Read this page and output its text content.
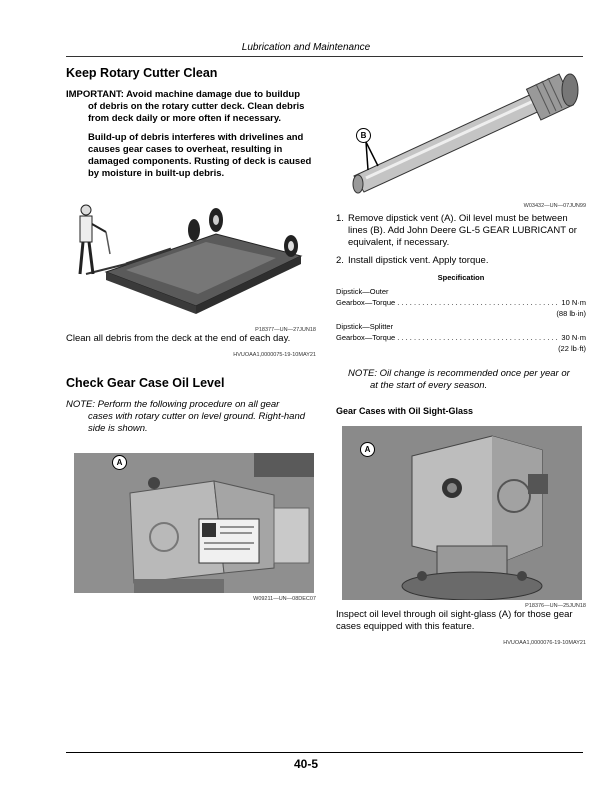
Lubrication and Maintenance
Keep Rotary Cutter Clean

IMPORTANT: Avoid machine damage due to buildup
of debris on the rotary cutter deck. Clean debris from deck daily or more often if necessary.

Build-up of debris interferes with drivelines and causes gear cases to overheat, resulting in damaged components. Rusting of deck is caused by moisture in built-up debris.

P18377—UN—27JUN18
Clean all debris from the deck at the end of each day.
HVUOAA1,0000075-19-10MAY21
Check Gear Case Oil Level
NOTE: Perform the following procedure on all gear
cases with rotary cutter on level ground. Right-hand side is shown.
A
W09211—UN—08DEC07
B
W03432—UN—07JUN99
1. Remove dipstick vent (A). Oil level must be between lines (B). Add John Deere GL-5 GEAR LUBRICANT or equivalent, if necessary.
2. Install dipstick vent. Apply torque.
Specification
Dipstick—Outer
Gearbox—Torque . . .	10 N·m
(88 lb·in)
Dipstick—Splitter
Gearbox—Torque . . .	30 N·m
(22 lb·ft)
NOTE: Oil change is recommended once per year or
at the start of every season.
Gear Cases with Oil Sight-Glass
A
P18376—UN—25JUN18
Inspect oil level through oil sight-glass (A) for those gear cases equipped with this feature.
HVUOAA1,0000076-19-10MAY21
40-5
